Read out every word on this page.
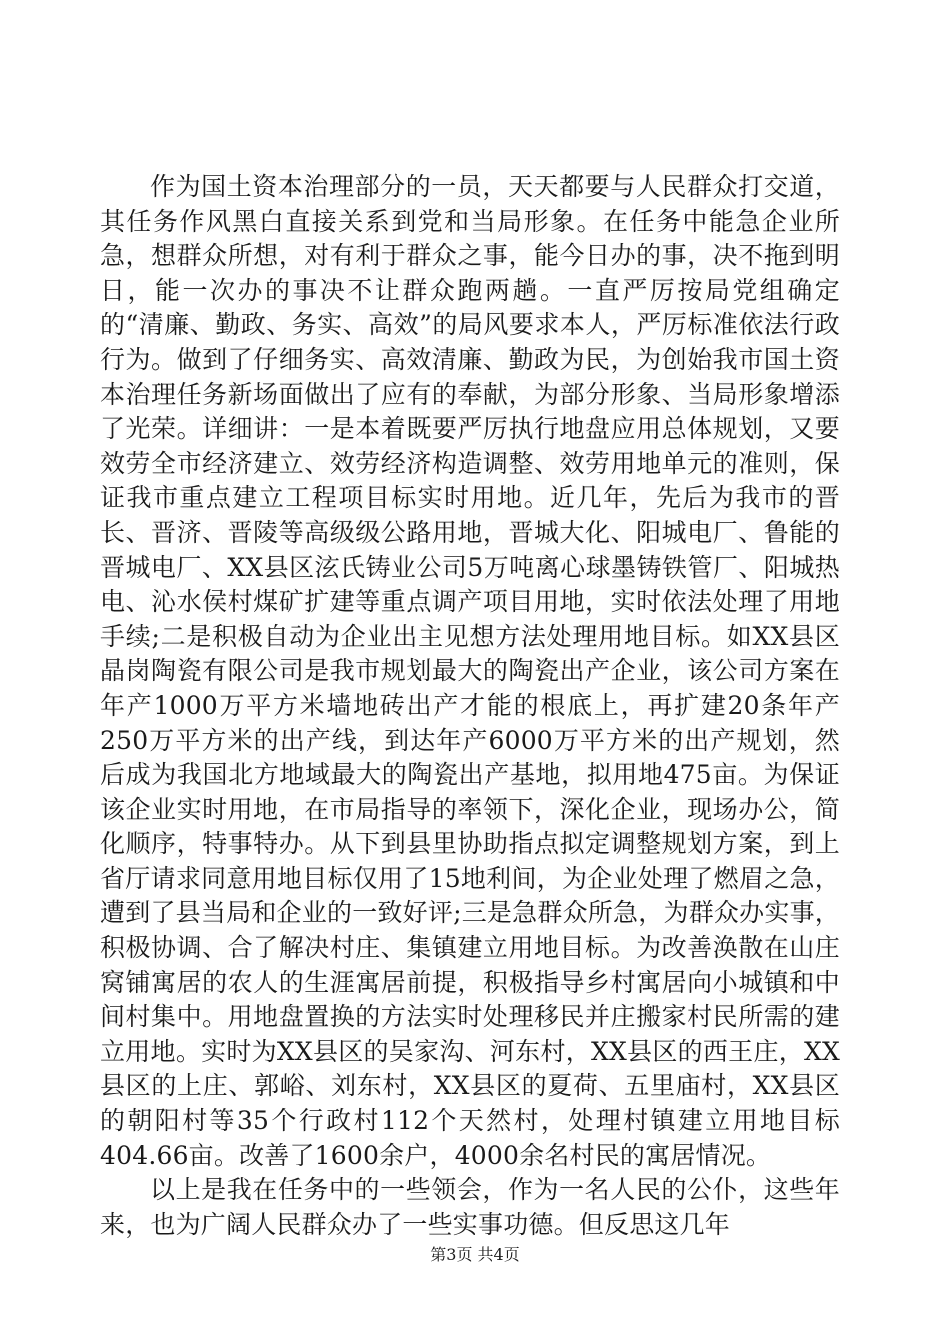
作为国土资本治理部分的一员，天天都要与人民群众打交道，其任务作风黑白直接关系到党和当局形象。在任务中能急企业所急，想群众所想，对有利于群众之事，能今日办的事，决不拖到明日，能一次办的事决不让群众跑两趟。一直严厉按局党组确定的“清廉、勤政、务实、高效”的局风要求本人，严厉标准依法行政行为。做到了仔细务实、高效清廉、勤政为民，为创始我市国土资本治理任务新场面做出了应有的奉献，为部分形象、当局形象增添了光荣。详细讲：一是本着既要严厉执行地盘应用总体规划，又要效劳全市经济建立、效劳经济构造调整、效劳用地单元的准则，保证我市重点建立工程项目标实时用地。近几年，先后为我市的晋长、晋济、晋陵等高级级公路用地，晋城大化、阳城电厂、鲁能的晋城电厂、XX县区泫氏铸业公司5万吨离心球墨铸铁管厂、阳城热电、沁水侯村煤矿扩建等重点调产项目用地，实时依法处理了用地手续;二是积极自动为企业出主见想方法处理用地目标。如XX县区晶岗陶瓷有限公司是我市规划最大的陶瓷出产企业，该公司方案在年产1000万平方米墙地砖出产才能的根底上，再扩建20条年产250万平方米的出产线，到达年产6000万平方米的出产规划，然后成为我国北方地域最大的陶瓷出产基地，拟用地475亩。为保证该企业实时用地，在市局指导的率领下，深化企业，现场办公，简化顺序，特事特办。从下到县里协助指点拟定调整规划方案，到上省厅请求同意用地目标仅用了15地利间，为企业处理了燃眉之急，遭到了县当局和企业的一致好评;三是急群众所急，为群众办实事，积极协调、合了解决村庄、集镇建立用地目标。为改善涣散在山庄窝铺寓居的农人的生涯寓居前提，积极指导乡村寓居向小城镇和中间村集中。用地盘置换的方法实时处理移民并庄搬家村民所需的建立用地。实时为XX县区的吴家沟、河东村，XX县区的西王庄，XX县区的上庄、郭峪、刘东村，XX县区的夏荷、五里庙村，XX县区的朝阳村等35个行政村112个天然村，处理村镇建立用地目标404.66亩。改善了1600余户，4000余名村民的寓居情况。

以上是我在任务中的一些领会，作为一名人民的公仆，这些年来，也为广阔人民群众办了一些实事功德。但反思这几年

第3页 共4页
